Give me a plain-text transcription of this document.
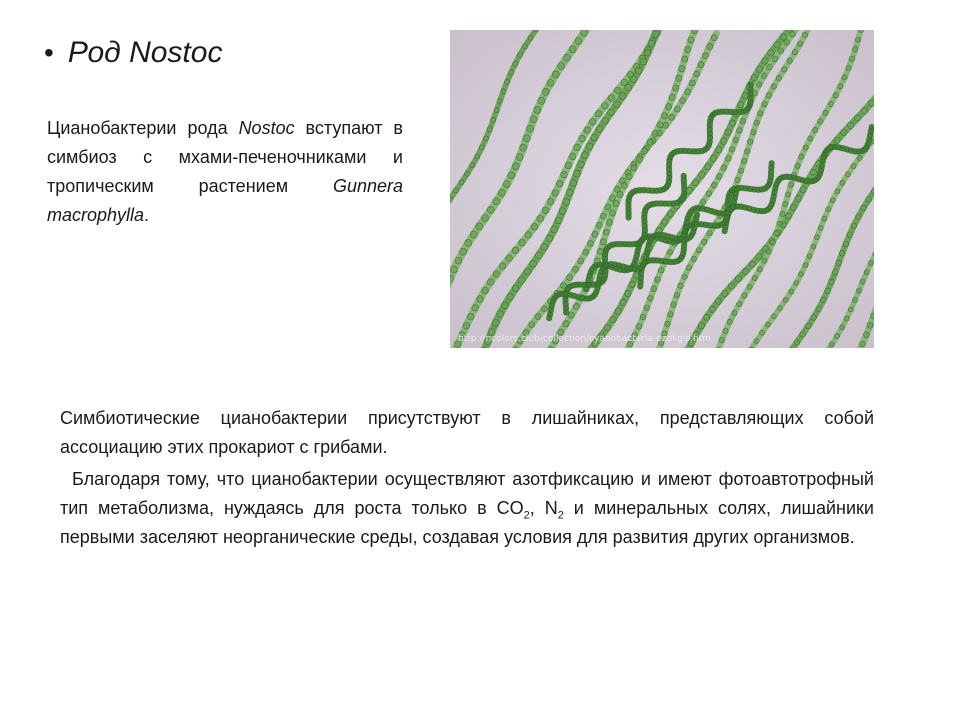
• Род Nostoc
Цианобактерии рода Nostoc вступают в симбиоз с мхами-печеночниками и тропическим растением Gunnera macrophylla.
http://ncolors.club/collection/cyanobacteria-ezoligis.htm

Симбиотические цианобактерии присутствуют в лишайниках, представляющих собой ассоциацию этих прокариот с грибами.

Благодаря тому, что цианобактерии осуществляют азотфиксацию и имеют фотоавтотрофный тип метаболизма, нуждаясь для роста только в $CO_2$, $N_2$ и минеральных солях, лишайники первыми заселяют неорганические среды, создавая условия для развития других организмов.
